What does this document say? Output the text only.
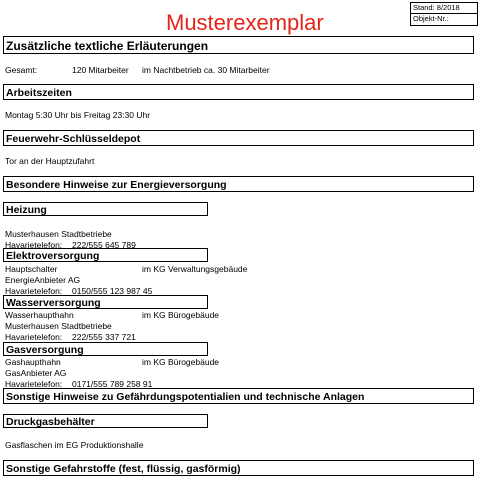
Musterexemplar
Stand: 8/2018
Objekt-Nr.:
Zusätzliche textliche Erläuterungen
Gesamt:	120 Mitarbeiter im Nachtbetrieb ca. 30 Mitarbeiter
Arbeitszeiten
Montag 5:30 Uhr bis Freitag 23:30 Uhr
Feuerwehr-Schlüsseldepot
Tor an der Hauptzufahrt
Besondere Hinweise zur Energieversorgung
Heizung
Musterhausen Stadtbetriebe
Havarietelefon: 222/555 645 789
Elektroversorgung
Hauptschalter	im KG Verwaltungsgebäude
EnergieAnbieter AG
Havarietelefon: 0150/555 123 987 45
Wasserversorgung
Wasserhaupthahn	im KG Bürogebäude
Musterhausen Stadtbetriebe
Havarietelefon: 222/555 337 721
Gasversorgung
Gashaupthahn	im KG Bürogebäude
GasAnbieter AG
Havarietelefon: 0171/555 789 258 91
Sonstige Hinweise zu Gefährdungspotentialien und technische Anlagen
Druckgasbehälter
Gasflaschen im EG Produktionshalle
Sonstige Gefahrstoffe (fest, flüssig, gasförmig)
